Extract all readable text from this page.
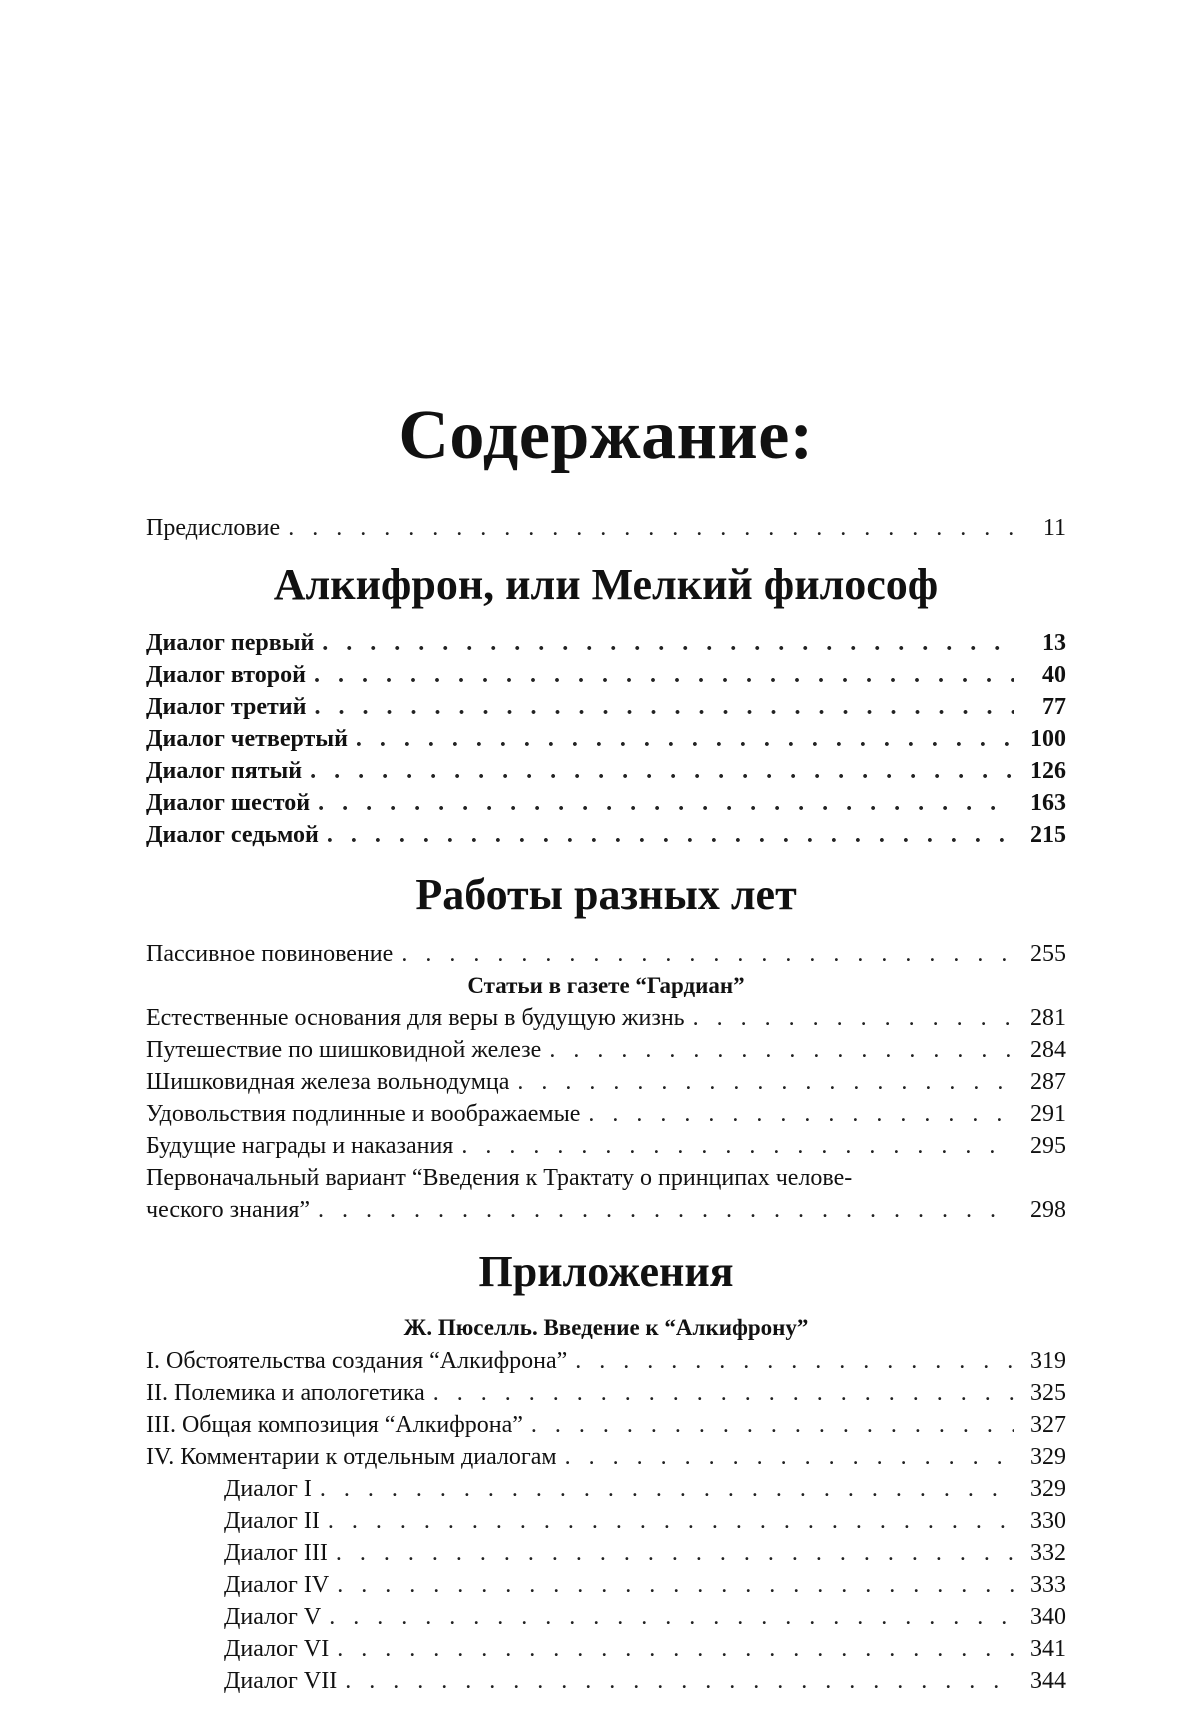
Содержание:
Предисловие . . .	11
Алкифрон, или Мелкий философ
Диалог первый . . .	13
Диалог второй . . .	40
Диалог третий . . .	77
Диалог четвертый . . .	100
Диалог пятый . . .	126
Диалог шестой . . .	163
Диалог седьмой . . .	215
Работы разных лет
Пассивное повиновение . . .	255
Статьи в газете “Гардиан”
Естественные основания для веры в будущую жизнь . . .	281
Путешествие по шишковидной железе . . .	284
Шишковидная железа вольнодумца . . .	287
Удовольствия подлинные и воображаемые . . .	291
Будущие награды и наказания . . .	295
Первоначальный вариант “Введения к Трактату о принципах челове-
ческого знания” . . .	298
Приложения
Ж. Пюселль. Введение к “Алкифрону”
I. Обстоятельства создания “Алкифрона” . . .	319
II. Полемика и апологетика . . .	325
III. Общая композиция “Алкифрона” . . .	327
IV. Комментарии к отдельным диалогам . . .	329
Диалог I . . .	329
Диалог II . . .	330
Диалог III . . .	332
Диалог IV . . .	333
Диалог V . . .	340
Диалог VI . . .	341
Диалог VII . . .	344
